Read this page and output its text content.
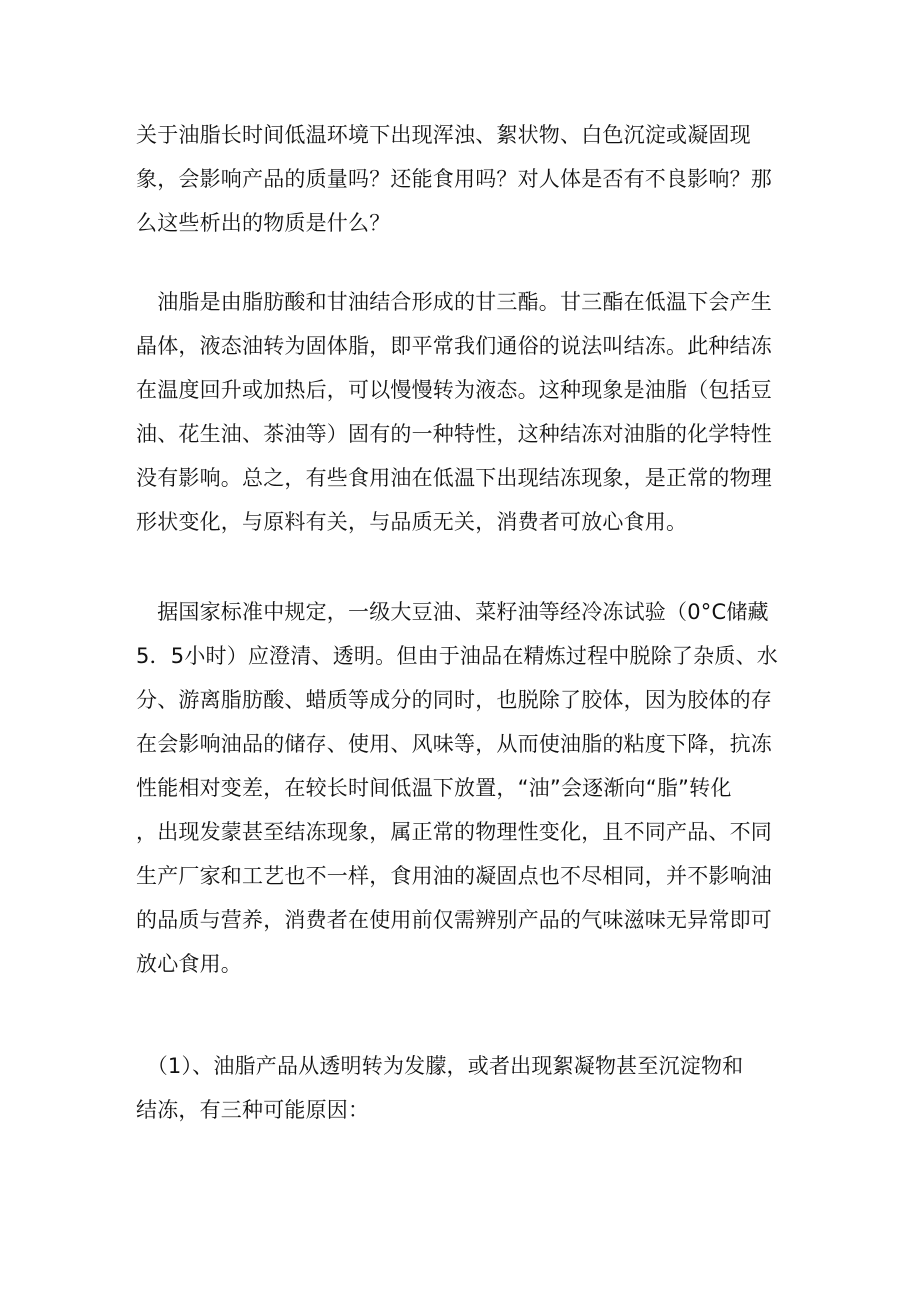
关于油脂长时间低温环境下出现浑浊、絮状物、白色沉淀或凝固现
象，会影响产品的质量吗？还能食用吗？对人体是否有不良影响？那
么这些析出的物质是什么？

　油脂是由脂肪酸和甘油结合形成的甘三酯。甘三酯在低温下会产生
晶体，液态油转为固体脂，即平常我们通俗的说法叫结冻。此种结冻
在温度回升或加热后，可以慢慢转为液态。这种现象是油脂（包括豆
油、花生油、茶油等）固有的一种特性，这种结冻对油脂的化学特性
没有影响。总之，有些食用油在低温下出现结冻现象，是正常的物理
形状变化，与原料有关，与品质无关，消费者可放心食用。

　据国家标准中规定，一级大豆油、菜籽油等经冷冻试验（0°C储藏
5．5小时）应澄清、透明。但由于油品在精炼过程中脱除了杂质、水
分、游离脂肪酸、蜡质等成分的同时，也脱除了胶体，因为胶体的存
在会影响油品的储存、使用、风味等，从而使油脂的粘度下降，抗冻
性能相对变差，在较长时间低温下放置，“油”会逐渐向“脂”转化
，出现发蒙甚至结冻现象，属正常的物理性变化，且不同产品、不同
生产厂家和工艺也不一样，食用油的凝固点也不尽相同，并不影响油
的品质与营养，消费者在使用前仅需辨别产品的气味滋味无异常即可
放心食用。

　（1）、油脂产品从透明转为发朦，或者出现絮凝物甚至沉淀物和
结冻，有三种可能原因：
